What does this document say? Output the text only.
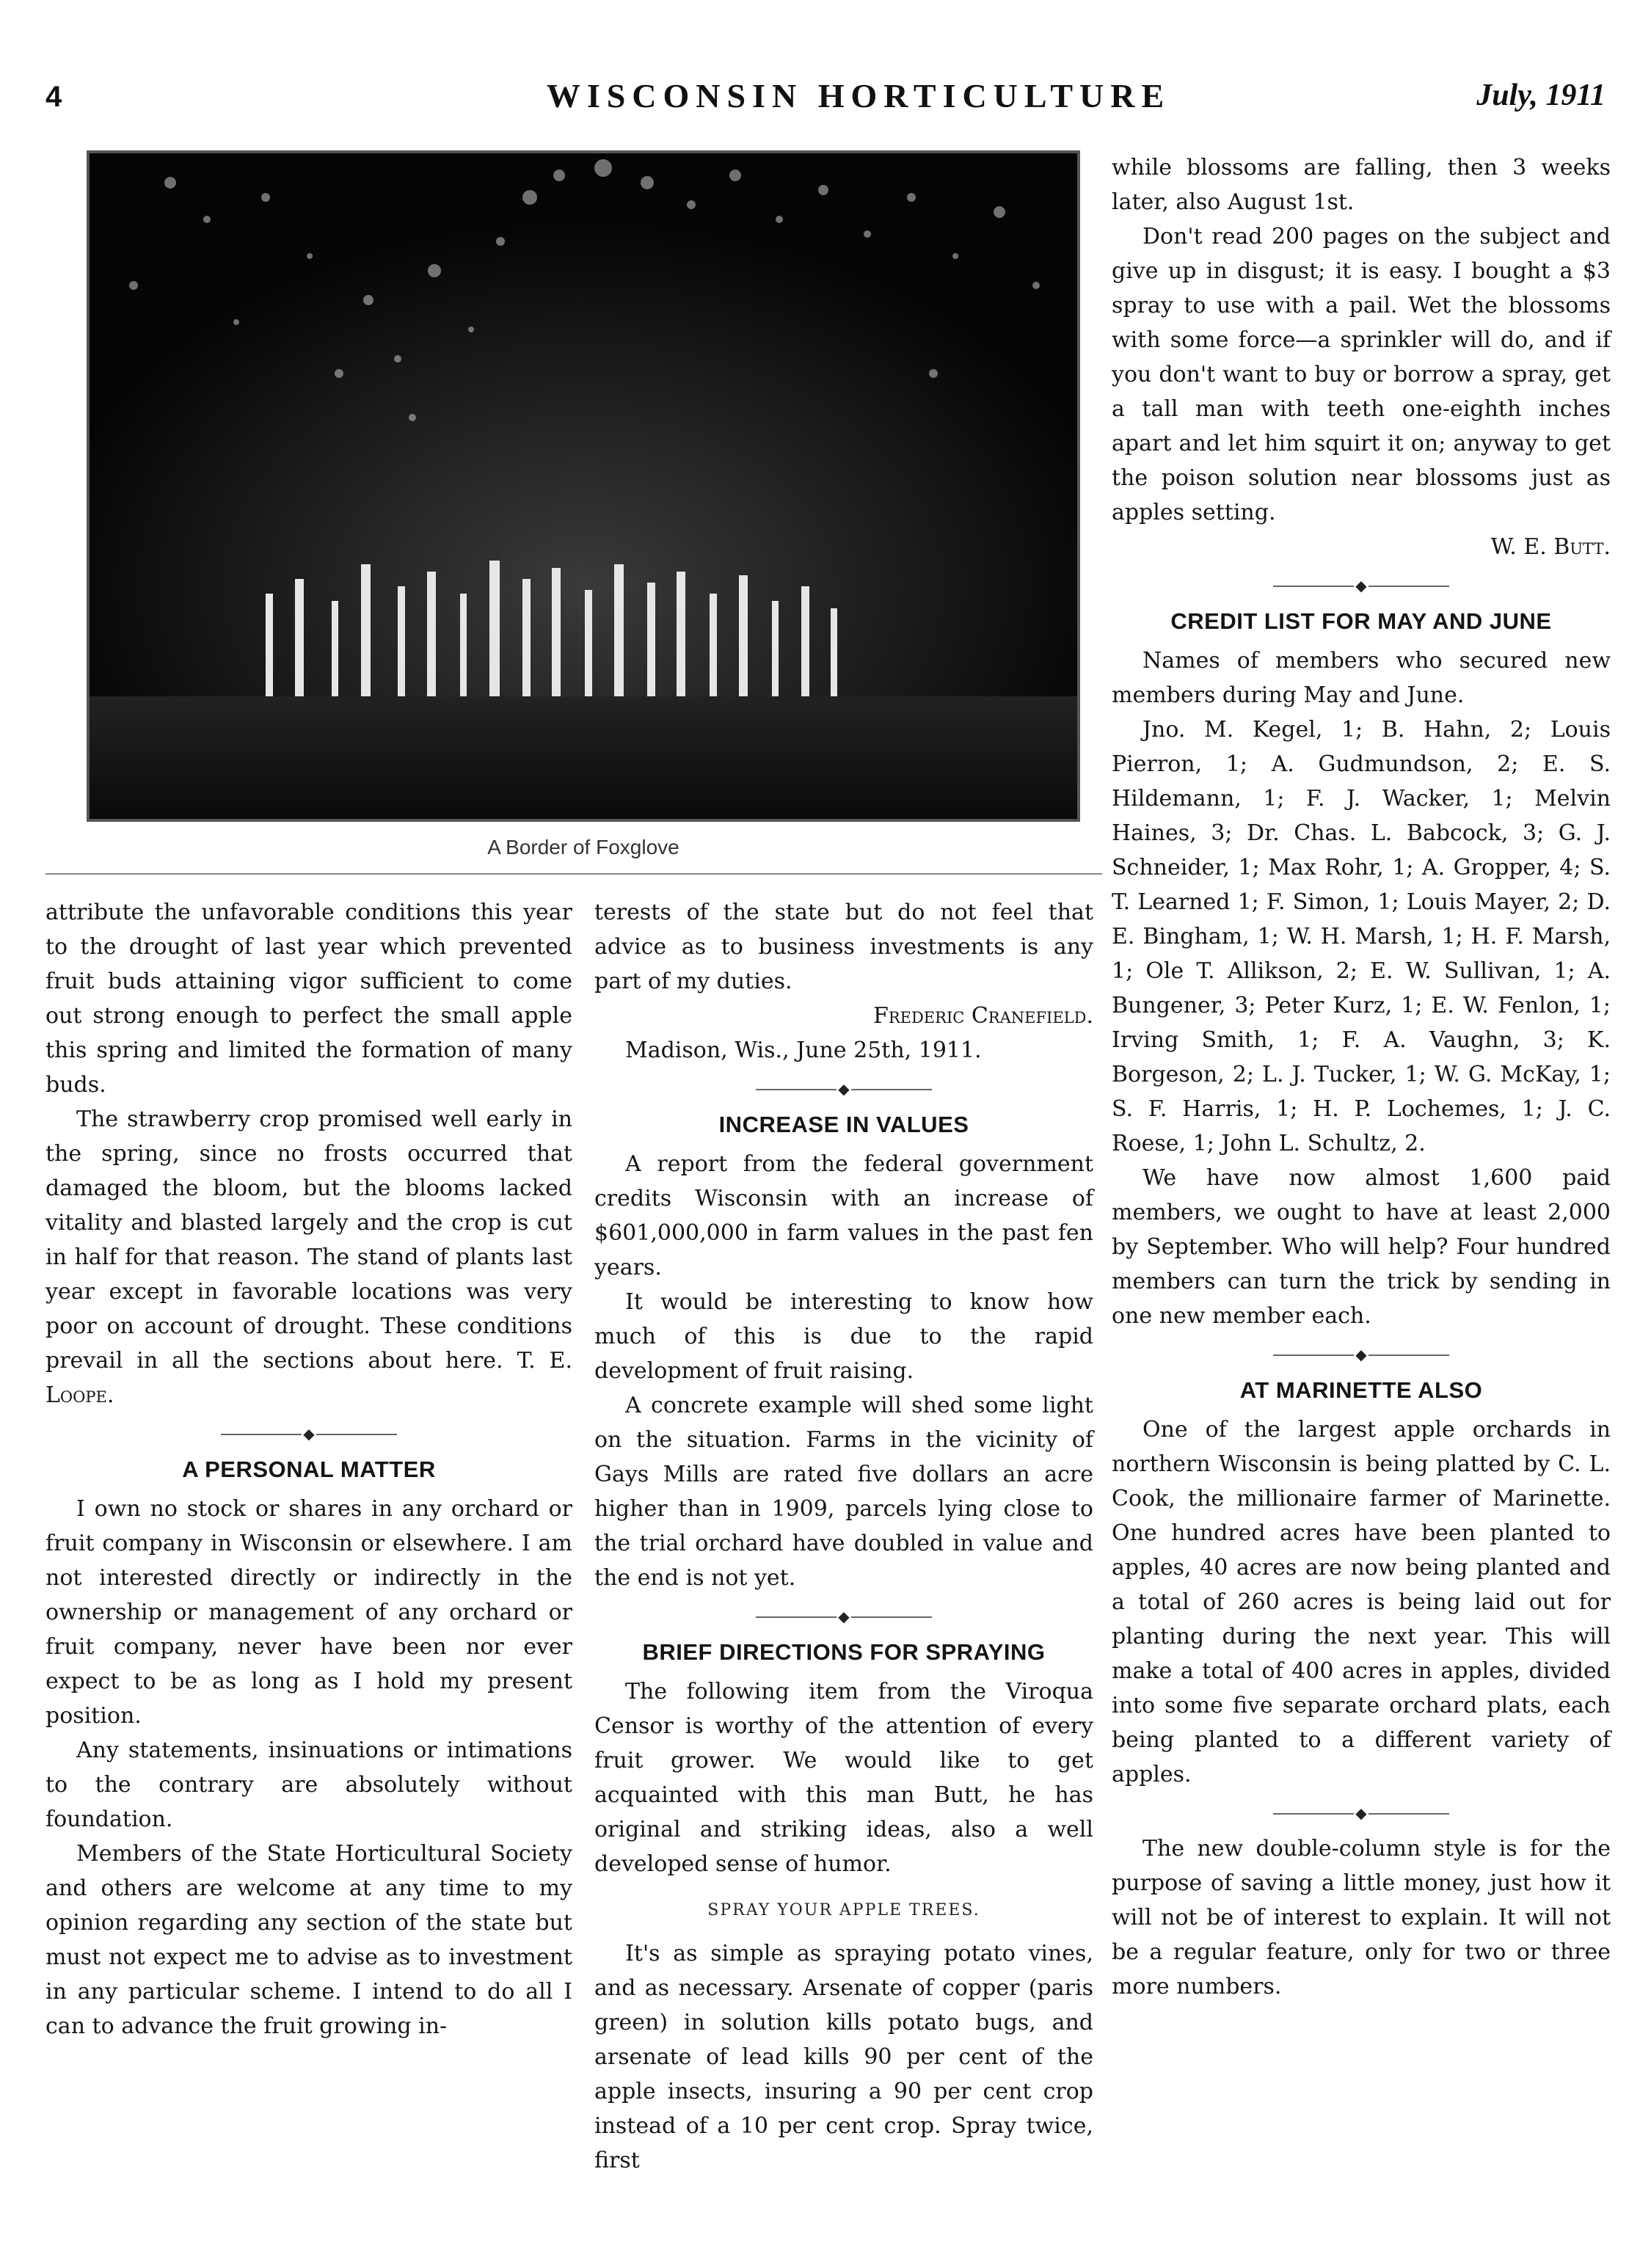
4	WISCONSIN HORTICULTURE	July, 1911
A Border of Foxglove

attribute the unfavorable conditions this year to the drought of last year which prevented fruit buds attaining vigor sufficient to come out strong enough to perfect the small apple this spring and limited the formation of many buds.

The strawberry crop promised well early in the spring, since no frosts occurred that damaged the bloom, but the blooms lacked vitality and blasted largely and the crop is cut in half for that reason. The stand of plants last year except in favorable locations was very poor on account of drought. These conditions prevail in all the sections about here. T. E. Loope.

◆
A PERSONAL MATTER

I own no stock or shares in any orchard or fruit company in Wisconsin or elsewhere. I am not interested directly or indirectly in the ownership or management of any orchard or fruit company, never have been nor ever expect to be as long as I hold my present position.

Any statements, insinuations or intimations to the contrary are absolutely without foundation.

Members of the State Horticultural Society and others are welcome at any time to my opinion regarding any section of the state but must not expect me to advise as to investment in any particular scheme. I intend to do all I can to advance the fruit growing in-

terests of the state but do not feel that advice as to business investments is any part of my duties.

Frederic Cranefield.

Madison, Wis., June 25th, 1911.

◆
INCREASE IN VALUES

A report from the federal government credits Wisconsin with an increase of $601,000,000 in farm values in the past fen years.

It would be interesting to know how much of this is due to the rapid development of fruit raising.

A concrete example will shed some light on the situation. Farms in the vicinity of Gays Mills are rated five dollars an acre higher than in 1909, parcels lying close to the trial orchard have doubled in value and the end is not yet.

◆
BRIEF DIRECTIONS FOR SPRAYING

The following item from the Viroqua Censor is worthy of the attention of every fruit grower. We would like to get acquainted with this man Butt, he has original and striking ideas, also a well developed sense of humor.

SPRAY YOUR APPLE TREES.

It's as simple as spraying potato vines, and as necessary. Arsenate of copper (paris green) in solution kills potato bugs, and arsenate of lead kills 90 per cent of the apple insects, insuring a 90 per cent crop instead of a 10 per cent crop. Spray twice, first

while blossoms are falling, then 3 weeks later, also August 1st.

Don't read 200 pages on the subject and give up in disgust; it is easy. I bought a $3 spray to use with a pail. Wet the blossoms with some force—a sprinkler will do, and if you don't want to buy or borrow a spray, get a tall man with teeth one-eighth inches apart and let him squirt it on; anyway to get the poison solution near blossoms just as apples setting.

W. E. Butt.

◆
CREDIT LIST FOR MAY AND JUNE

Names of members who secured new members during May and June.

Jno. M. Kegel, 1; B. Hahn, 2; Louis Pierron, 1; A. Gudmundson, 2; E. S. Hildemann, 1; F. J. Wacker, 1; Melvin Haines, 3; Dr. Chas. L. Babcock, 3; G. J. Schneider, 1; Max Rohr, 1; A. Gropper, 4; S. T. Learned 1; F. Simon, 1; Louis Mayer, 2; D. E. Bingham, 1; W. H. Marsh, 1; H. F. Marsh, 1; Ole T. Allikson, 2; E. W. Sullivan, 1; A. Bungener, 3; Peter Kurz, 1; E. W. Fenlon, 1; Irving Smith, 1; F. A. Vaughn, 3; K. Borgeson, 2; L. J. Tucker, 1; W. G. McKay, 1; S. F. Harris, 1; H. P. Lochemes, 1; J. C. Roese, 1; John L. Schultz, 2.

We have now almost 1,600 paid members, we ought to have at least 2,000 by September. Who will help? Four hundred members can turn the trick by sending in one new member each.

◆
AT MARINETTE ALSO

One of the largest apple orchards in northern Wisconsin is being platted by C. L. Cook, the millionaire farmer of Marinette. One hundred acres have been planted to apples, 40 acres are now being planted and a total of 260 acres is being laid out for planting during the next year. This will make a total of 400 acres in apples, divided into some five separate orchard plats, each being planted to a different variety of apples.

◆

The new double-column style is for the purpose of saving a little money, just how it will not be of interest to explain. It will not be a regular feature, only for two or three more numbers.
